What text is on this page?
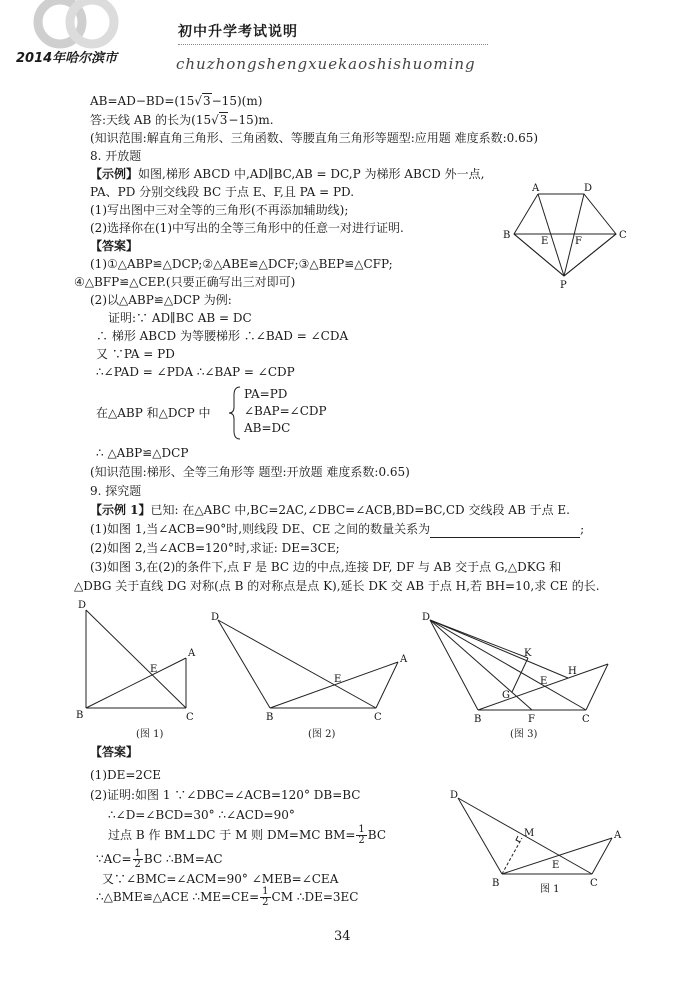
初中升学考试说明
2014年哈尔滨市	chuzhongshengxuekaoshishuoming
AB=AD−BD=(15√3−15)(m)
答:天线 AB 的长为(15√3−15)m.
(知识范围:解直角三角形、三角函数、等腰直角三角形等题型:应用题 难度系数:0.65)
8. 开放题
【示例】如图,梯形 ABCD 中,AD∥BC,AB = DC,P 为梯形 ABCD 外一点,
PA、PD 分别交线段 BC 于点 E、F,且 PA = PD.
(1)写出图中三对全等的三角形(不再添加辅助线);
(2)选择你在(1)中写出的全等三角形中的任意一对进行证明.
【答案】
(1)①△ABP≌△DCP;②△ABE≌△DCF;③△BEP≌△CFP;
④△BFP≌△CEP.(只要正确写出三对即可)
(2)以△ABP≌△DCP 为例:
证明:∵ AD∥BC AB = DC
∴ 梯形 ABCD 为等腰梯形 ∴∠BAD = ∠CDA
又 ∵PA = PD
∴∠PAD = ∠PDA ∴∠BAP = ∠CDP
在△ABP 和△DCP 中
PA=PD
∠BAP=∠CDP
AB=DC
∴ △ABP≌△DCP
(知识范围:梯形、全等三角形等 题型:开放题 难度系数:0.65)
9. 探究题
【示例 1】已知: 在△ABC 中,BC=2AC,∠DBC=∠ACB,BD=BC,CD 交线段 AB 于点 E.
(1)如图 1,当∠ACB=90°时,则线段 DE、CE 之间的数量关系为	;
(2)如图 2,当∠ACB=120°时,求证: DE=3CE;
(3)如图 3,在(2)的条件下,点 F 是 BC 边的中点,连接 DF, DF 与 AB 交于点 G,△DKG 和
△DBG 关于直线 DG 对称(点 B 的对称点是点 K),延长 DK 交 AB 于点 H,若 BH=10,求 CE 的长.
【答案】
(1)DE=2CE
(2)证明:如图 1 ∵∠DBC=∠ACB=120° DB=BC
∴∠D=∠BCD=30° ∴∠ACD=90°
过点 B 作 BM⊥DC 于 M 则 DM=MC $BM= \frac{1}{2}$ BC
∵AC= $\frac{1}{2}$ BC ∴BM=AC
又∵∠BMC=∠ACM=90° ∠MEB=∠CEA
∴△BME≌△ACE ∴ME=CE= $\frac{1}{2}$ CM ∴DE=3EC
A	D
B
E	F
C
P
D
E
A
B	C
(图 1)
D
E
A
B	C
(图 2)
D
K
H
E
G
B	F	C
(图 3)
D
M	A
E
B	C
图 1
34
